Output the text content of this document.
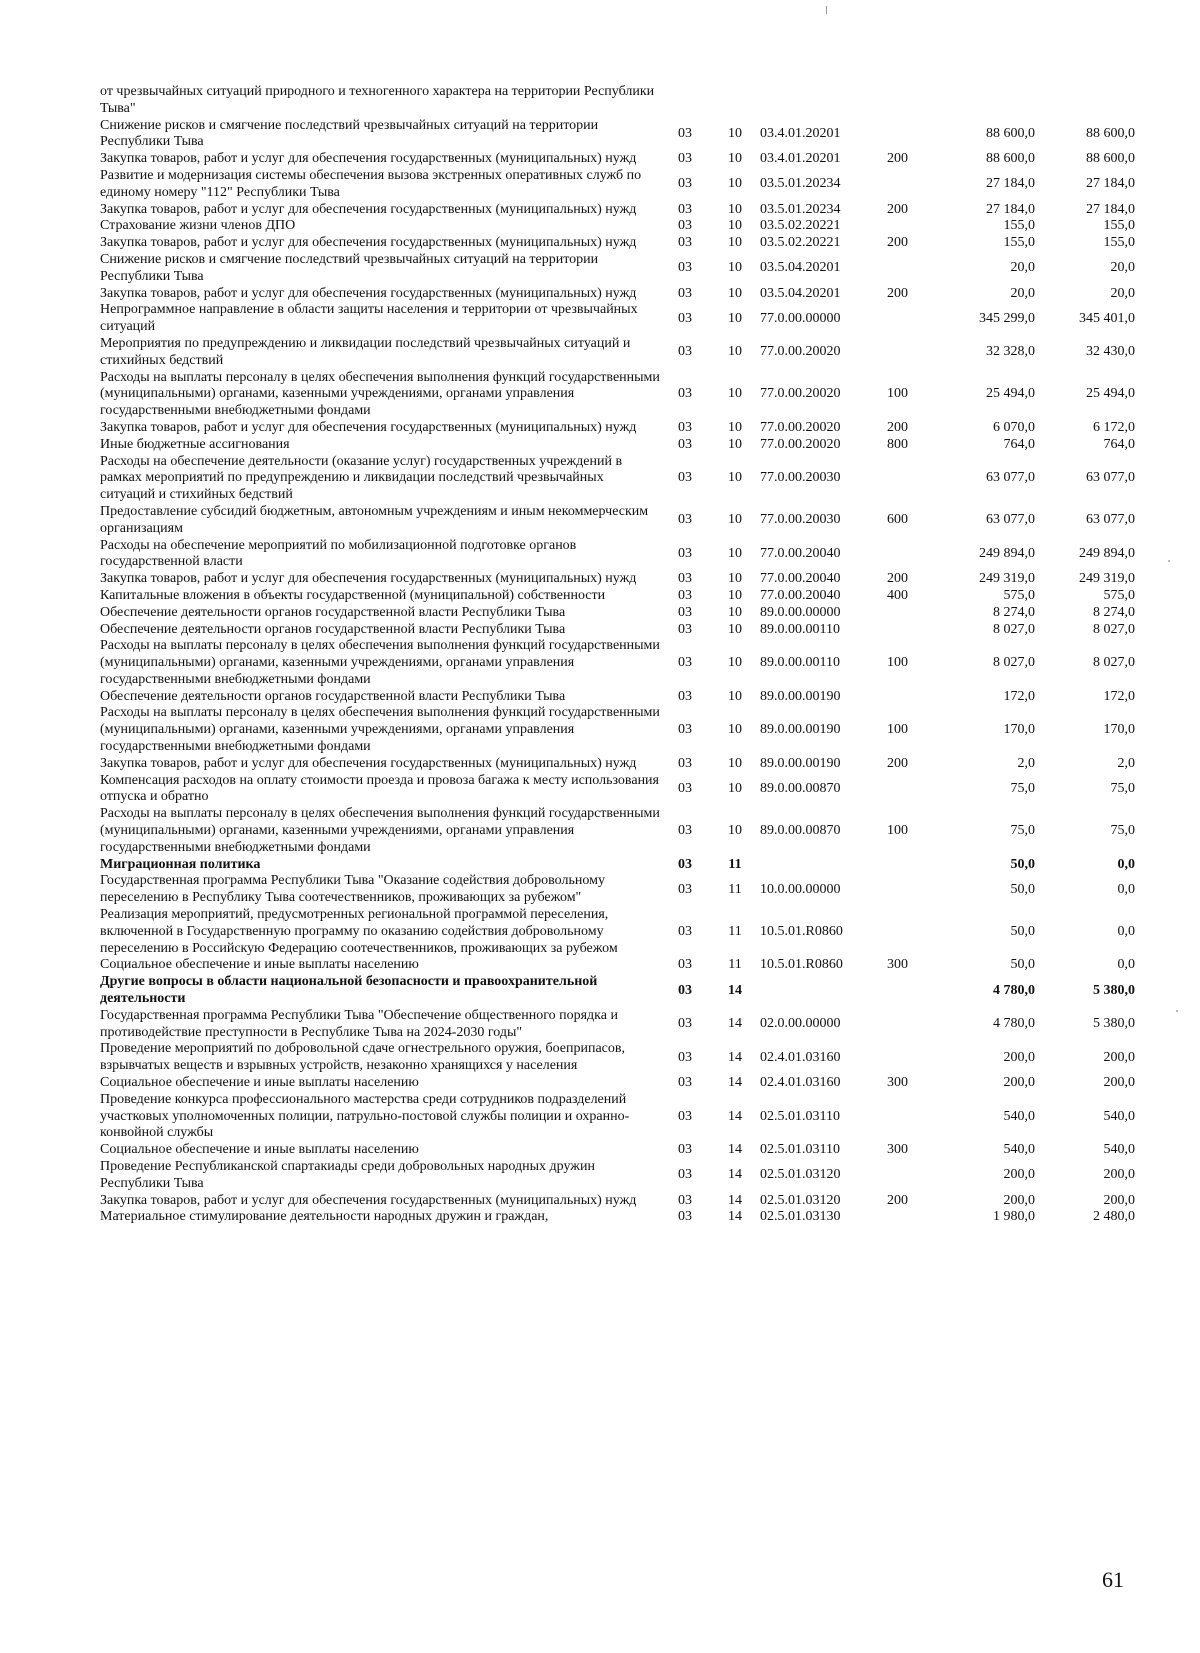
от чрезвычайных ситуаций природного и техногенного характера на территории Республики Тыва"						
Снижение рисков и смягчение последствий чрезвычайных ситуаций на территории Республики Тыва	03	10	03.4.01.20201		88 600,0	88 600,0
Закупка товаров, работ и услуг для обеспечения государственных (муниципальных) нужд	03	10	03.4.01.20201	200	88 600,0	88 600,0
Развитие и модернизация системы обеспечения вызова экстренных оперативных служб по единому номеру "112" Республики Тыва	03	10	03.5.01.20234		27 184,0	27 184,0
Закупка товаров, работ и услуг для обеспечения государственных (муниципальных) нужд	03	10	03.5.01.20234	200	27 184,0	27 184,0
Страхование жизни членов ДПО	03	10	03.5.02.20221		155,0	155,0
Закупка товаров, работ и услуг для обеспечения государственных (муниципальных) нужд	03	10	03.5.02.20221	200	155,0	155,0
Снижение рисков и смягчение последствий чрезвычайных ситуаций на территории Республики Тыва	03	10	03.5.04.20201		20,0	20,0
Закупка товаров, работ и услуг для обеспечения государственных (муниципальных) нужд	03	10	03.5.04.20201	200	20,0	20,0
Непрограммное направление в области защиты населения и территории от чрезвычайных ситуаций	03	10	77.0.00.00000		345 299,0	345 401,0
Мероприятия по предупреждению и ликвидации последствий чрезвычайных ситуаций и стихийных бедствий	03	10	77.0.00.20020		32 328,0	32 430,0
Расходы на выплаты персоналу в целях обеспечения выполнения функций государственными (муниципальными) органами, казенными учреждениями, органами управления государственными внебюджетными фондами	03	10	77.0.00.20020	100	25 494,0	25 494,0
Закупка товаров, работ и услуг для обеспечения государственных (муниципальных) нужд	03	10	77.0.00.20020	200	6 070,0	6 172,0
Иные бюджетные ассигнования	03	10	77.0.00.20020	800	764,0	764,0
Расходы на обеспечение деятельности (оказание услуг) государственных учреждений в рамках мероприятий по предупреждению и ликвидации последствий чрезвычайных ситуаций и стихийных бедствий	03	10	77.0.00.20030		63 077,0	63 077,0
Предоставление субсидий бюджетным, автономным учреждениям и иным некоммерческим организациям	03	10	77.0.00.20030	600	63 077,0	63 077,0
Расходы на обеспечение мероприятий по мобилизационной подготовке органов государственной власти	03	10	77.0.00.20040		249 894,0	249 894,0
Закупка товаров, работ и услуг для обеспечения государственных (муниципальных) нужд	03	10	77.0.00.20040	200	249 319,0	249 319,0
Капитальные вложения в объекты государственной (муниципальной) собственности	03	10	77.0.00.20040	400	575,0	575,0
Обеспечение деятельности органов государственной власти Республики Тыва	03	10	89.0.00.00000		8 274,0	8 274,0
Обеспечение деятельности органов государственной власти Республики Тыва	03	10	89.0.00.00110		8 027,0	8 027,0
Расходы на выплаты персоналу в целях обеспечения выполнения функций государственными (муниципальными) органами, казенными учреждениями, органами управления государственными внебюджетными фондами	03	10	89.0.00.00110	100	8 027,0	8 027,0
Обеспечение деятельности органов государственной власти Республики Тыва	03	10	89.0.00.00190		172,0	172,0
Расходы на выплаты персоналу в целях обеспечения выполнения функций государственными (муниципальными) органами, казенными учреждениями, органами управления государственными внебюджетными фондами	03	10	89.0.00.00190	100	170,0	170,0
Закупка товаров, работ и услуг для обеспечения государственных (муниципальных) нужд	03	10	89.0.00.00190	200	2,0	2,0
Компенсация расходов на оплату стоимости проезда и провоза багажа к месту использования отпуска и обратно	03	10	89.0.00.00870		75,0	75,0
Расходы на выплаты персоналу в целях обеспечения выполнения функций государственными (муниципальными) органами, казенными учреждениями, органами управления государственными внебюджетными фондами	03	10	89.0.00.00870	100	75,0	75,0
Миграционная политика	03	11			50,0	0,0
Государственная программа Республики Тыва "Оказание содействия добровольному переселению в Республику Тыва соотечественников, проживающих за рубежом"	03	11	10.0.00.00000		50,0	0,0
Реализация мероприятий, предусмотренных региональной программой переселения, включенной в Государственную программу по оказанию содействия добровольному переселению в Российскую Федерацию соотечественников, проживающих за рубежом	03	11	10.5.01.R0860		50,0	0,0
Социальное обеспечение и иные выплаты населению	03	11	10.5.01.R0860	300	50,0	0,0
Другие вопросы в области национальной безопасности и правоохранительной деятельности	03	14			4 780,0	5 380,0
Государственная программа Республики Тыва "Обеспечение общественного порядка и противодействие преступности в Республике Тыва на 2024-2030 годы"	03	14	02.0.00.00000		4 780,0	5 380,0
Проведение мероприятий по добровольной сдаче огнестрельного оружия, боеприпасов, взрывчатых веществ и взрывных устройств, незаконно хранящихся у населения	03	14	02.4.01.03160		200,0	200,0
Социальное обеспечение и иные выплаты населению	03	14	02.4.01.03160	300	200,0	200,0
Проведение конкурса профессионального мастерства среди сотрудников подразделений участковых уполномоченных полиции, патрульно-постовой службы полиции и охранно-конвойной службы	03	14	02.5.01.03110		540,0	540,0
Социальное обеспечение и иные выплаты населению	03	14	02.5.01.03110	300	540,0	540,0
Проведение Республиканской спартакиады среди добровольных народных дружин Республики Тыва	03	14	02.5.01.03120		200,0	200,0
Закупка товаров, работ и услуг для обеспечения государственных (муниципальных) нужд	03	14	02.5.01.03120	200	200,0	200,0
Материальное стимулирование деятельности народных дружин и граждан,	03	14	02.5.01.03130		1 980,0	2 480,0
61
